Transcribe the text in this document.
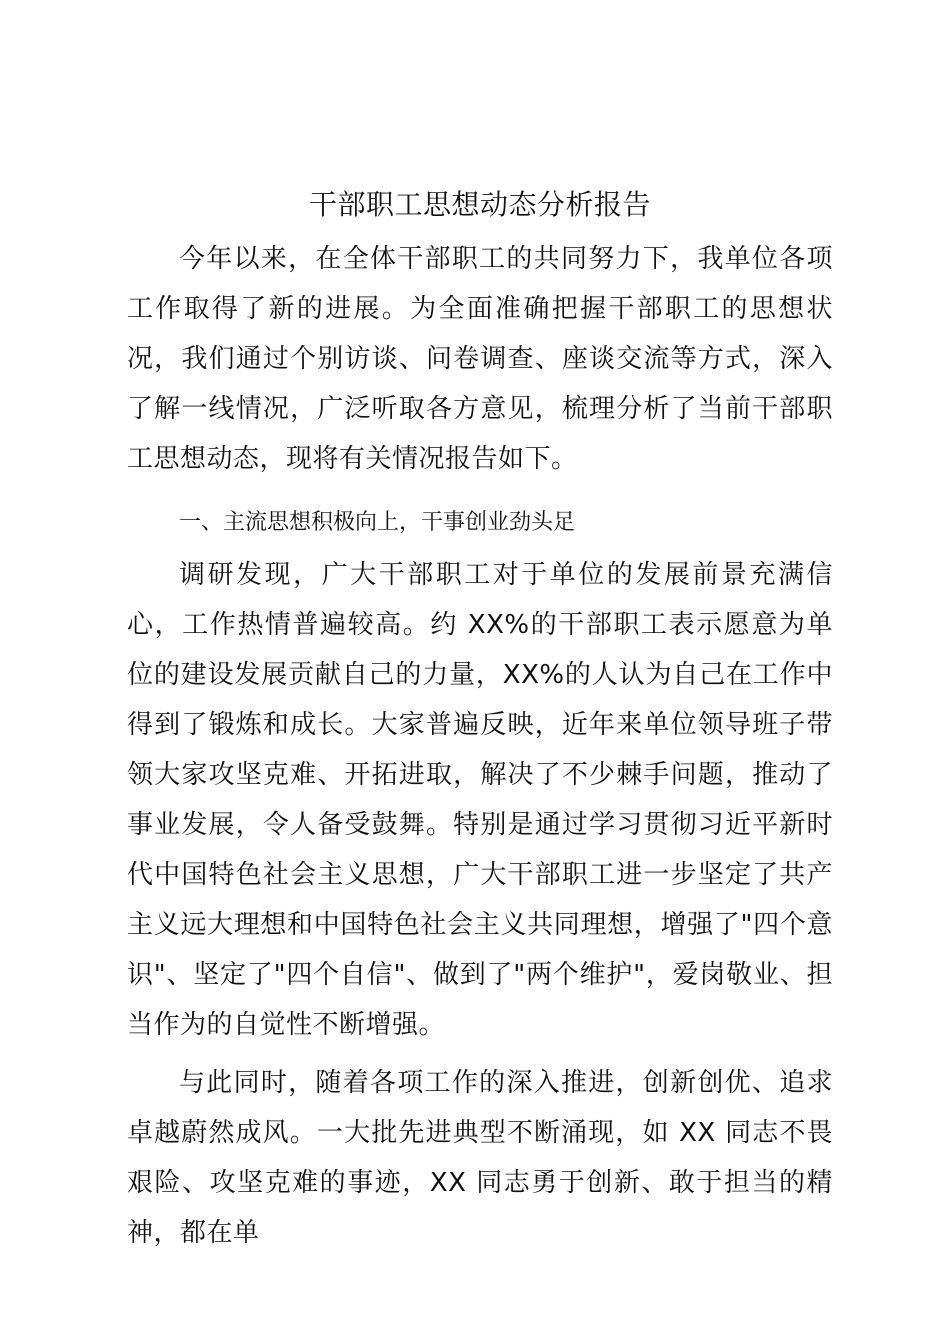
干部职工思想动态分析报告

今年以来，在全体干部职工的共同努力下，我单位各项工作取得了新的进展。为全面准确把握干部职工的思想状况，我们通过个别访谈、问卷调查、座谈交流等方式，深入了解一线情况，广泛听取各方意见，梳理分析了当前干部职工思想动态，现将有关情况报告如下。

一、主流思想积极向上，干事创业劲头足

调研发现，广大干部职工对于单位的发展前景充满信心，工作热情普遍较高。约 XX%的干部职工表示愿意为单位的建设发展贡献自己的力量，XX%的人认为自己在工作中得到了锻炼和成长。大家普遍反映，近年来单位领导班子带领大家攻坚克难、开拓进取，解决了不少棘手问题，推动了事业发展，令人备受鼓舞。特别是通过学习贯彻习近平新时代中国特色社会主义思想，广大干部职工进一步坚定了共产主义远大理想和中国特色社会主义共同理想，增强了"四个意识"、坚定了"四个自信"、做到了"两个维护"，爱岗敬业、担当作为的自觉性不断增强。

与此同时，随着各项工作的深入推进，创新创优、追求卓越蔚然成风。一大批先进典型不断涌现，如 XX 同志不畏艰险、攻坚克难的事迹，XX 同志勇于创新、敢于担当的精神，都在单
